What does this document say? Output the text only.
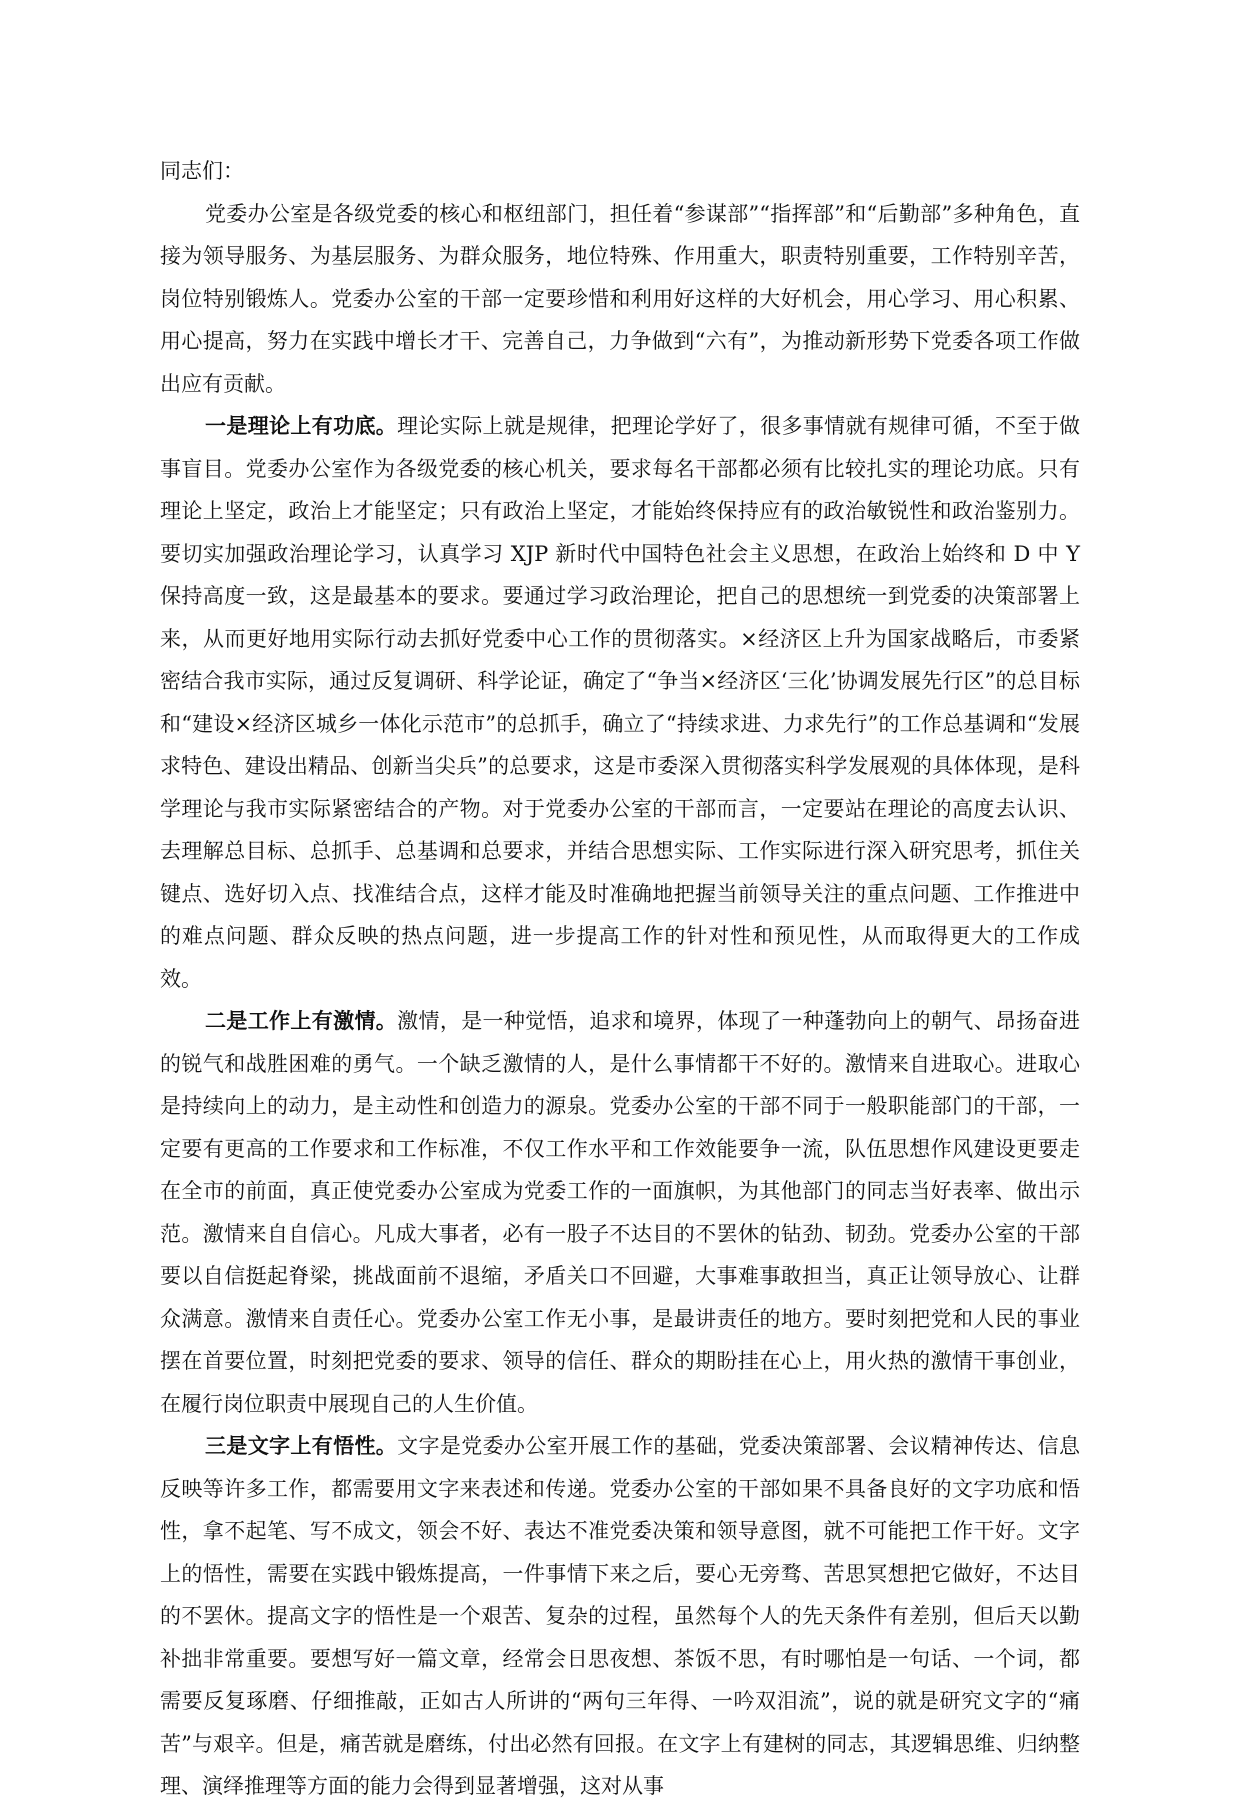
同志们：

党委办公室是各级党委的核心和枢纽部门，担任着“参谋部”“指挥部”和“后勤部”多种角色，直接为领导服务、为基层服务、为群众服务，地位特殊、作用重大，职责特别重要，工作特别辛苦，岗位特别锻炼人。党委办公室的干部一定要珍惜和利用好这样的大好机会，用心学习、用心积累、用心提高，努力在实践中增长才干、完善自己，力争做到“六有”，为推动新形势下党委各项工作做出应有贡献。

一是理论上有功底。理论实际上就是规律，把理论学好了，很多事情就有规律可循，不至于做事盲目。党委办公室作为各级党委的核心机关，要求每名干部都必须有比较扎实的理论功底。只有理论上坚定，政治上才能坚定；只有政治上坚定，才能始终保持应有的政治敏锐性和政治鉴别力。要切实加强政治理论学习，认真学习 XJP 新时代中国特色社会主义思想，在政治上始终和 D 中 Y 保持高度一致，这是最基本的要求。要通过学习政治理论，把自己的思想统一到党委的决策部署上来，从而更好地用实际行动去抓好党委中心工作的贯彻落实。×经济区上升为国家战略后，市委紧密结合我市实际，通过反复调研、科学论证，确定了“争当×经济区‘三化’协调发展先行区”的总目标和“建设×经济区城乡一体化示范市”的总抓手，确立了“持续求进、力求先行”的工作总基调和“发展求特色、建设出精品、创新当尖兵”的总要求，这是市委深入贯彻落实科学发展观的具体体现，是科学理论与我市实际紧密结合的产物。对于党委办公室的干部而言，一定要站在理论的高度去认识、去理解总目标、总抓手、总基调和总要求，并结合思想实际、工作实际进行深入研究思考，抓住关键点、选好切入点、找准结合点，这样才能及时准确地把握当前领导关注的重点问题、工作推进中的难点问题、群众反映的热点问题，进一步提高工作的针对性和预见性，从而取得更大的工作成效。

二是工作上有激情。激情，是一种觉悟，追求和境界，体现了一种蓬勃向上的朝气、昂扬奋进的锐气和战胜困难的勇气。一个缺乏激情的人，是什么事情都干不好的。激情来自进取心。进取心是持续向上的动力，是主动性和创造力的源泉。党委办公室的干部不同于一般职能部门的干部，一定要有更高的工作要求和工作标准，不仅工作水平和工作效能要争一流，队伍思想作风建设更要走在全市的前面，真正使党委办公室成为党委工作的一面旗帜，为其他部门的同志当好表率、做出示范。激情来自自信心。凡成大事者，必有一股子不达目的不罢休的钻劲、韧劲。党委办公室的干部要以自信挺起脊梁，挑战面前不退缩，矛盾关口不回避，大事难事敢担当，真正让领导放心、让群众满意。激情来自责任心。党委办公室工作无小事，是最讲责任的地方。要时刻把党和人民的事业摆在首要位置，时刻把党委的要求、领导的信任、群众的期盼挂在心上，用火热的激情干事创业，在履行岗位职责中展现自己的人生价值。

三是文字上有悟性。文字是党委办公室开展工作的基础，党委决策部署、会议精神传达、信息反映等许多工作，都需要用文字来表述和传递。党委办公室的干部如果不具备良好的文字功底和悟性，拿不起笔、写不成文，领会不好、表达不准党委决策和领导意图，就不可能把工作干好。文字上的悟性，需要在实践中锻炼提高，一件事情下来之后，要心无旁骛、苦思冥想把它做好，不达目的不罢休。提高文字的悟性是一个艰苦、复杂的过程，虽然每个人的先天条件有差别，但后天以勤补拙非常重要。要想写好一篇文章，经常会日思夜想、茶饭不思，有时哪怕是一句话、一个词，都需要反复琢磨、仔细推敲，正如古人所讲的“两句三年得、一吟双泪流”，说的就是研究文字的“痛苦”与艰辛。但是，痛苦就是磨练，付出必然有回报。在文字上有建树的同志，其逻辑思维、归纳整理、演绎推理等方面的能力会得到显著增强，这对从事
